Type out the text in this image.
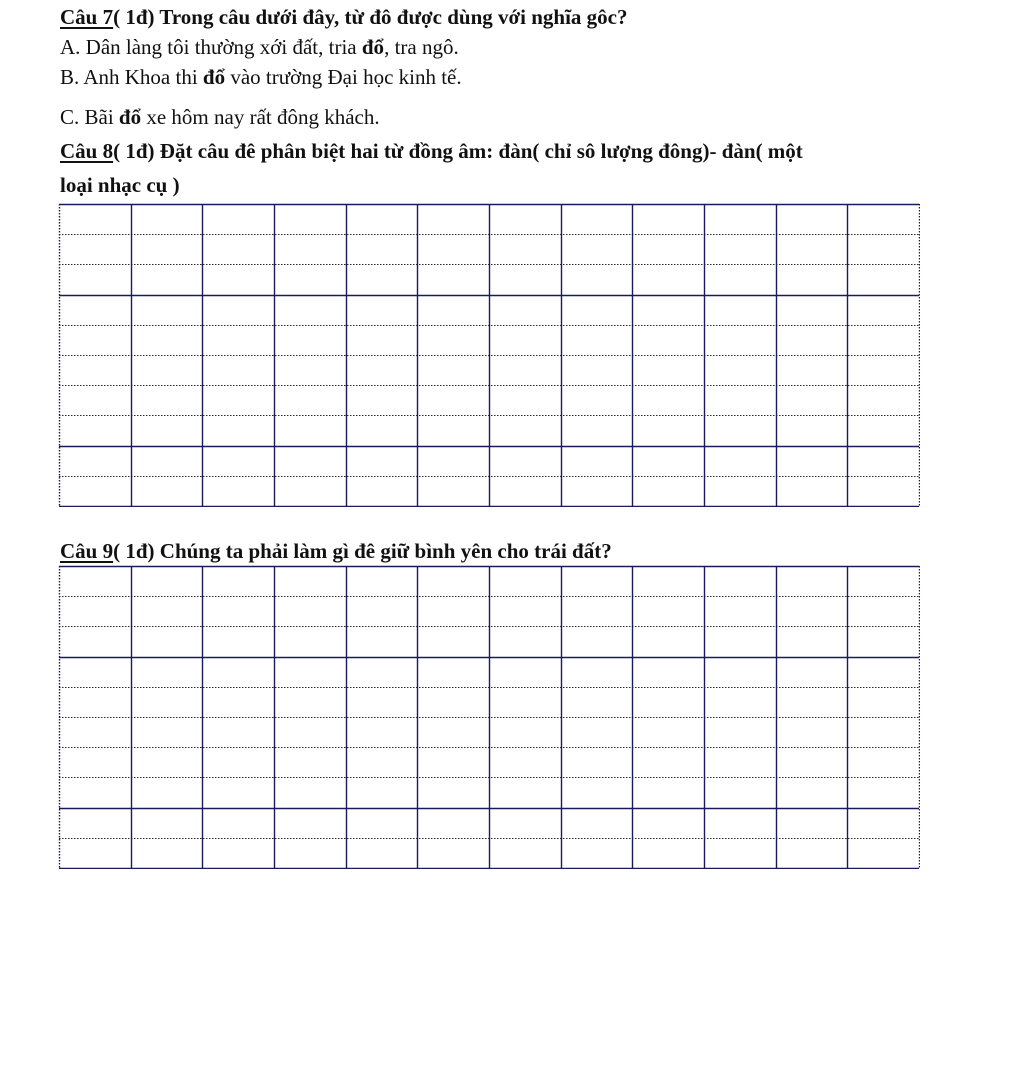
Câu 7( 1đ) Trong câu dưới đây, từ đô được dùng với nghĩa gôc?

A. Dân làng tôi thường xới đất, tria đổ, tra ngô.

B. Anh Khoa thi đổ vào trường Đại học kinh tế.

C. Bãi đổ xe hôm nay rất đông khách.

Câu 8( 1đ) Đặt câu đê phân biệt hai từ đồng âm: đàn( chỉ sô lượng đông)- đàn( một

loại nhạc cụ )

Câu 9( 1đ) Chúng ta phải làm gì đê giữ bình yên cho trái đất?
